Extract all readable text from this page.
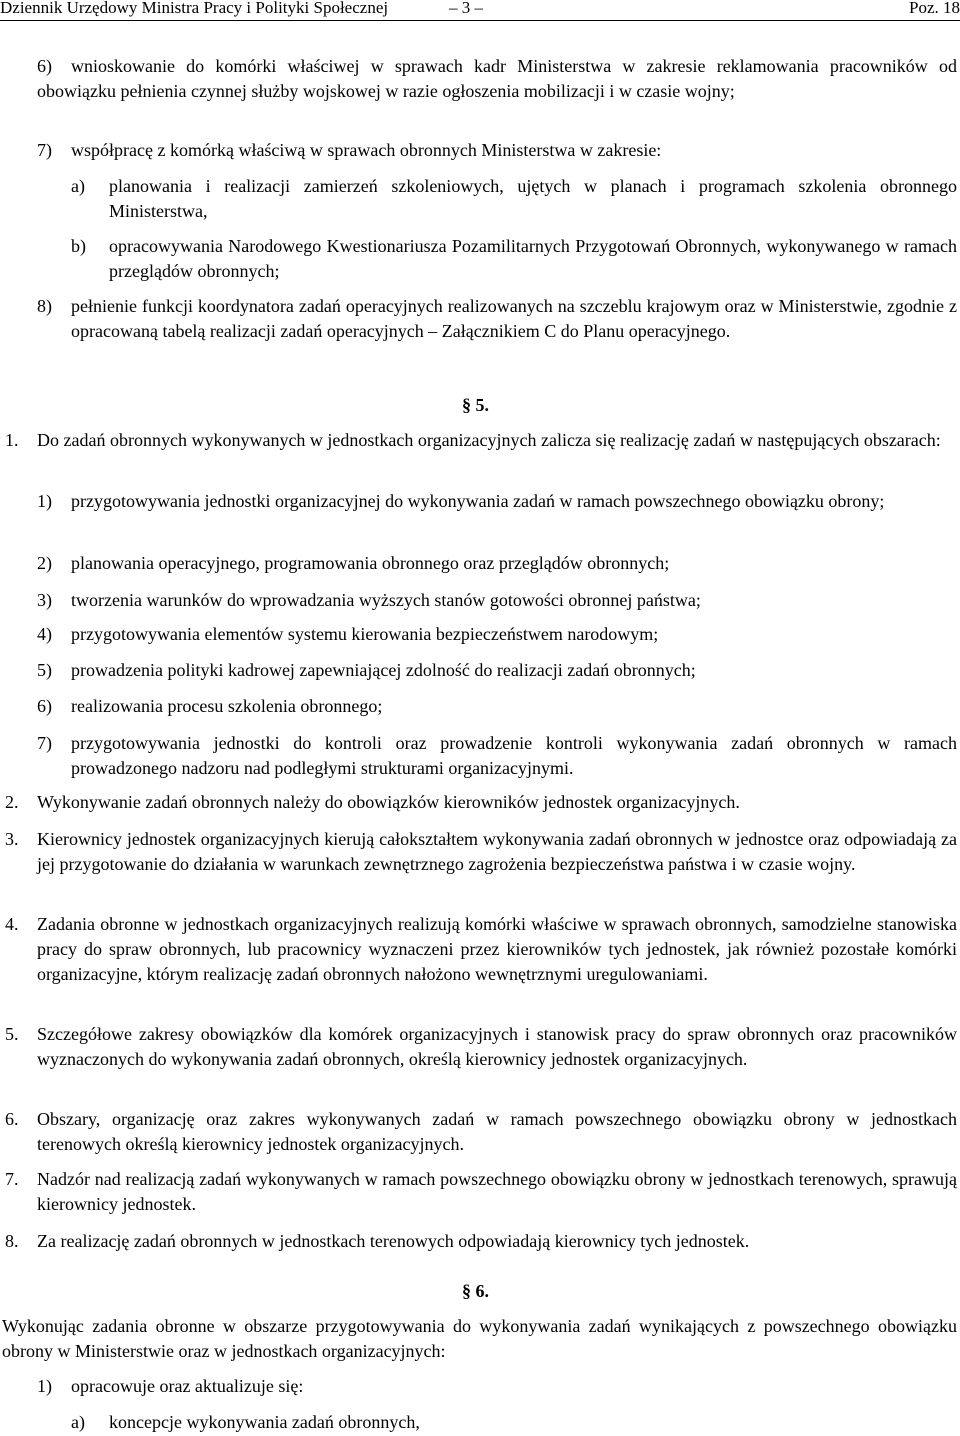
Dziennik Urzędowy Ministra Pracy i Polityki Społecznej	– 3 –	Poz. 18
6)	wnioskowanie do komórki właściwej w sprawach kadr Ministerstwa w zakresie reklamowania pracowników od obowiązku pełnienia czynnej służby wojskowej w razie ogłoszenia mobilizacji i w czasie wojny;
7) współpracę z komórką właściwą w sprawach obronnych Ministerstwa w zakresie:
a) planowania i realizacji zamierzeń szkoleniowych, ujętych w planach i programach szkolenia obronnego Ministerstwa,
b) opracowywania Narodowego Kwestionariusza Pozamilitarnych Przygotowań Obronnych, wykonywanego w ramach przeglądów obronnych;
8) pełnienie funkcji koordynatora zadań operacyjnych realizowanych na szczeblu krajowym oraz w Ministerstwie, zgodnie z opracowaną tabelą realizacji zadań operacyjnych – Załącznikiem C do Planu operacyjnego.
§ 5.
1. Do zadań obronnych wykonywanych w jednostkach organizacyjnych zalicza się realizację zadań w następujących obszarach:
1) przygotowywania jednostki organizacyjnej do wykonywania zadań w ramach powszechnego obowiązku obrony;
2) planowania operacyjnego, programowania obronnego oraz przeglądów obronnych;
3) tworzenia warunków do wprowadzania wyższych stanów gotowości obronnej państwa;
4) przygotowywania elementów systemu kierowania bezpieczeństwem narodowym;
5) prowadzenia polityki kadrowej zapewniającej zdolność do realizacji zadań obronnych;
6) realizowania procesu szkolenia obronnego;
7) przygotowywania jednostki do kontroli oraz prowadzenie kontroli wykonywania zadań obronnych w ramach prowadzonego nadzoru nad podległymi strukturami organizacyjnymi.
2. Wykonywanie zadań obronnych należy do obowiązków kierowników jednostek organizacyjnych.
3. Kierownicy jednostek organizacyjnych kierują całokształtem wykonywania zadań obronnych w jednostce oraz odpowiadają za jej przygotowanie do działania w warunkach zewnętrznego zagrożenia bezpieczeństwa państwa i w czasie wojny.
4. Zadania obronne w jednostkach organizacyjnych realizują komórki właściwe w sprawach obronnych, samodzielne stanowiska pracy do spraw obronnych, lub pracownicy wyznaczeni przez kierowników tych jednostek, jak również pozostałe komórki organizacyjne, którym realizację zadań obronnych nałożono wewnętrznymi uregulowaniami.
5. Szczegółowe zakresy obowiązków dla komórek organizacyjnych i stanowisk pracy do spraw obronnych oraz pracowników wyznaczonych do wykonywania zadań obronnych, określą kierownicy jednostek organizacyjnych.
6. Obszary, organizację oraz zakres wykonywanych zadań w ramach powszechnego obowiązku obrony w jednostkach terenowych określą kierownicy jednostek organizacyjnych.
7. Nadzór nad realizacją zadań wykonywanych w ramach powszechnego obowiązku obrony w jednostkach terenowych, sprawują kierownicy jednostek.
8. Za realizację zadań obronnych w jednostkach terenowych odpowiadają kierownicy tych jednostek.
§ 6.
Wykonując zadania obronne w obszarze przygotowywania do wykonywania zadań wynikających z powszechnego obowiązku obrony w Ministerstwie oraz w jednostkach organizacyjnych:
1) opracowuje oraz aktualizuje się:
a) koncepcje wykonywania zadań obronnych,
